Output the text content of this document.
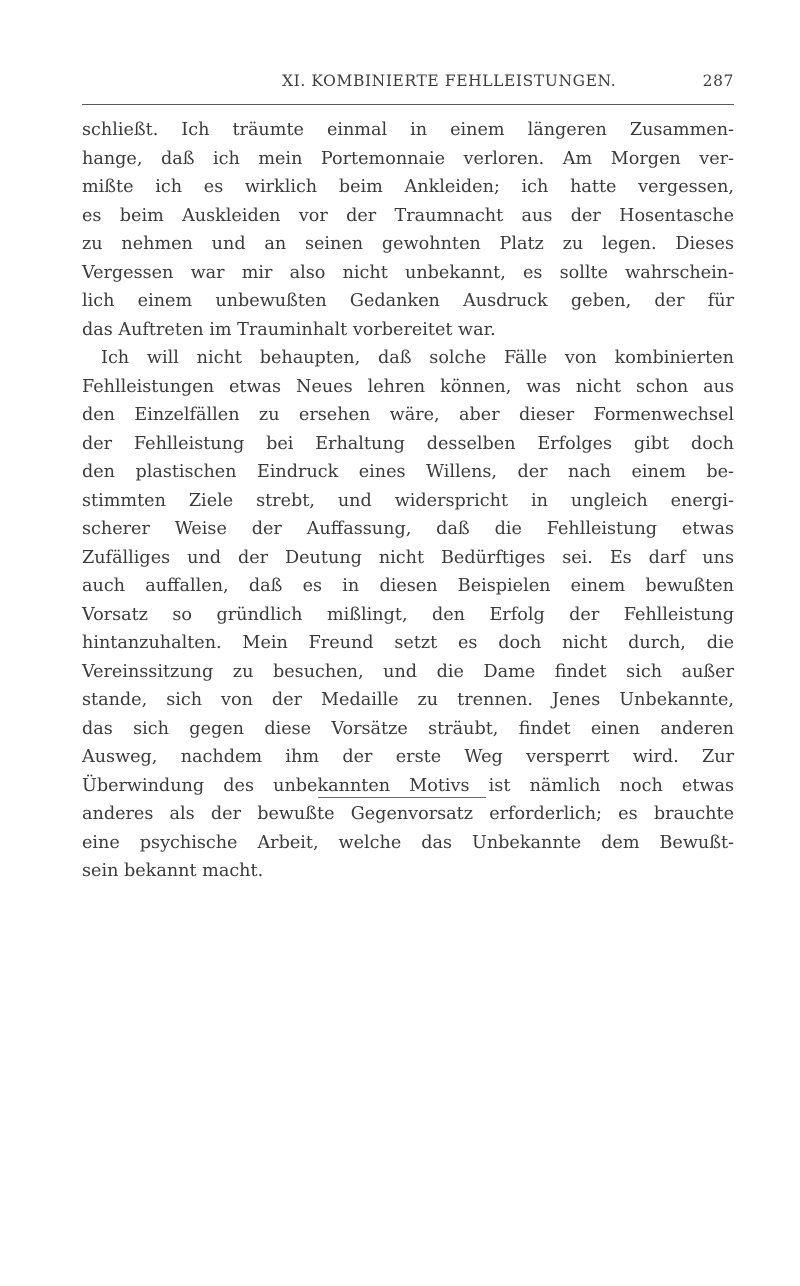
XI. KOMBINIERTE FEHLLEISTUNGEN.	287
schließt. Ich träumte einmal in einem längeren Zusammen-
hange, daß ich mein Portemonnaie verloren. Am Morgen ver-
mißte ich es wirklich beim Ankleiden; ich hatte vergessen,
es beim Auskleiden vor der Traumnacht aus der Hosentasche
zu nehmen und an seinen gewohnten Platz zu legen. Dieses
Vergessen war mir also nicht unbekannt, es sollte wahrschein-
lich einem unbewußten Gedanken Ausdruck geben, der für
das Auftreten im Trauminhalt vorbereitet war.
Ich will nicht behaupten, daß solche Fälle von kombinierten
Fehlleistungen etwas Neues lehren können, was nicht schon aus
den Einzelfällen zu ersehen wäre, aber dieser Formenwechsel
der Fehlleistung bei Erhaltung desselben Erfolges gibt doch
den plastischen Eindruck eines Willens, der nach einem be-
stimmten Ziele strebt, und widerspricht in ungleich energi-
scherer Weise der Auffassung, daß die Fehlleistung etwas
Zufälliges und der Deutung nicht Bedürftiges sei. Es darf uns
auch auffallen, daß es in diesen Beispielen einem bewußten
Vorsatz so gründlich mißlingt, den Erfolg der Fehlleistung
hintanzuhalten. Mein Freund setzt es doch nicht durch, die
Vereinssitzung zu besuchen, und die Dame findet sich außer
stande, sich von der Medaille zu trennen. Jenes Unbekannte,
das sich gegen diese Vorsätze sträubt, findet einen anderen
Ausweg, nachdem ihm der erste Weg versperrt wird. Zur
Überwindung des unbekannten Motivs ist nämlich noch etwas
anderes als der bewußte Gegenvorsatz erforderlich; es brauchte
eine psychische Arbeit, welche das Unbekannte dem Bewußt-
sein bekannt macht.
